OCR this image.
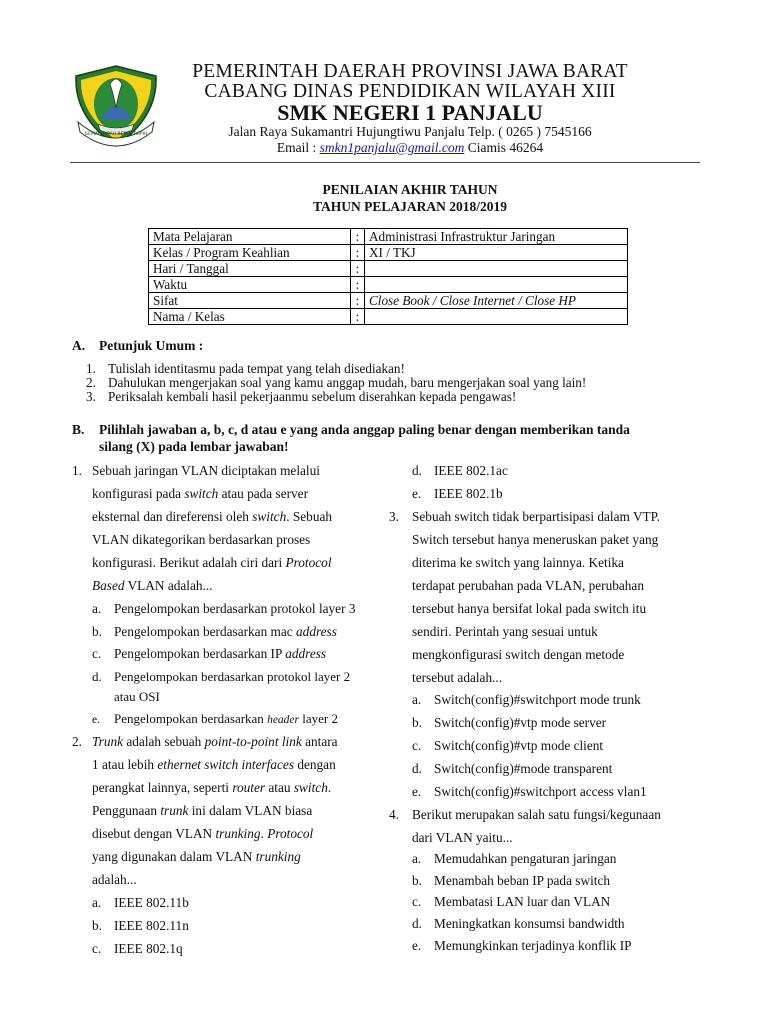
GEMAH RIPAH REPEH RAPIH
PEMERINTAH DAERAH PROVINSI JAWA BARAT
CABANG DINAS PENDIDIKAN WILAYAH XIII
SMK NEGERI 1 PANJALU
Jalan Raya Sukamantri Hujungtiwu Panjalu Telp. ( 0265 ) 7545166
Email : smkn1panjalu@gmail.com Ciamis 46264
PENILAIAN AKHIR TAHUN
TAHUN PELAJARAN 2018/2019
Mata Pelajaran	:	Administrasi Infrastruktur Jaringan
Kelas / Program Keahlian	:	XI / TKJ
Hari / Tanggal	:	
Waktu	:	
Sifat	:	Close Book / Close Internet / Close HP
Nama / Kelas	:	
A. Petunjuk Umum :
1. Tulislah identitasmu pada tempat yang telah disediakan!
2. Dahulukan mengerjakan soal yang kamu anggap mudah, baru mengerjakan soal yang lain!
3. Periksalah kembali hasil pekerjaanmu sebelum diserahkan kepada pengawas!
B. Pilihlah jawaban a, b, c, d atau e yang anda anggap paling benar dengan memberikan tanda
silang (X) pada lembar jawaban!
1. Sebuah jaringan VLAN diciptakan melalui
konfigurasi pada switch atau pada server
eksternal dan direferensi oleh switch. Sebuah
VLAN dikategorikan berdasarkan proses
konfigurasi. Berikut adalah ciri dari Protocol
Based VLAN adalah...
a. Pengelompokan berdasarkan protokol layer 3
b. Pengelompokan berdasarkan mac address
c. Pengelompokan berdasarkan IP address
d. Pengelompokan berdasarkan protokol layer 2
atau OSI
e. Pengelompokan berdasarkan header layer 2
2. Trunk adalah sebuah point-to-point link antara
1 atau lebih ethernet switch interfaces dengan
perangkat lainnya, seperti router atau switch.
Penggunaan trunk ini dalam VLAN biasa
disebut dengan VLAN trunking. Protocol
yang digunakan dalam VLAN trunking
adalah...
a. IEEE 802.11b
b. IEEE 802.11n
c. IEEE 802.1q
d. IEEE 802.1ac
e. IEEE 802.1b
3. Sebuah switch tidak berpartisipasi dalam VTP.
Switch tersebut hanya meneruskan paket yang
diterima ke switch yang lainnya. Ketika
terdapat perubahan pada VLAN, perubahan
tersebut hanya bersifat lokal pada switch itu
sendiri. Perintah yang sesuai untuk
mengkonfigurasi switch dengan metode
tersebut adalah...
a. Switch(config)#switchport mode trunk
b. Switch(config)#vtp mode server
c. Switch(config)#vtp mode client
d. Switch(config)#mode transparent
e. Switch(config)#switchport access vlan1
4. Berikut merupakan salah satu fungsi/kegunaan
dari VLAN yaitu...
a. Memudahkan pengaturan jaringan
b. Menambah beban IP pada switch
c. Membatasi LAN luar dan VLAN
d. Meningkatkan konsumsi bandwidth
e. Memungkinkan terjadinya konflik IP
